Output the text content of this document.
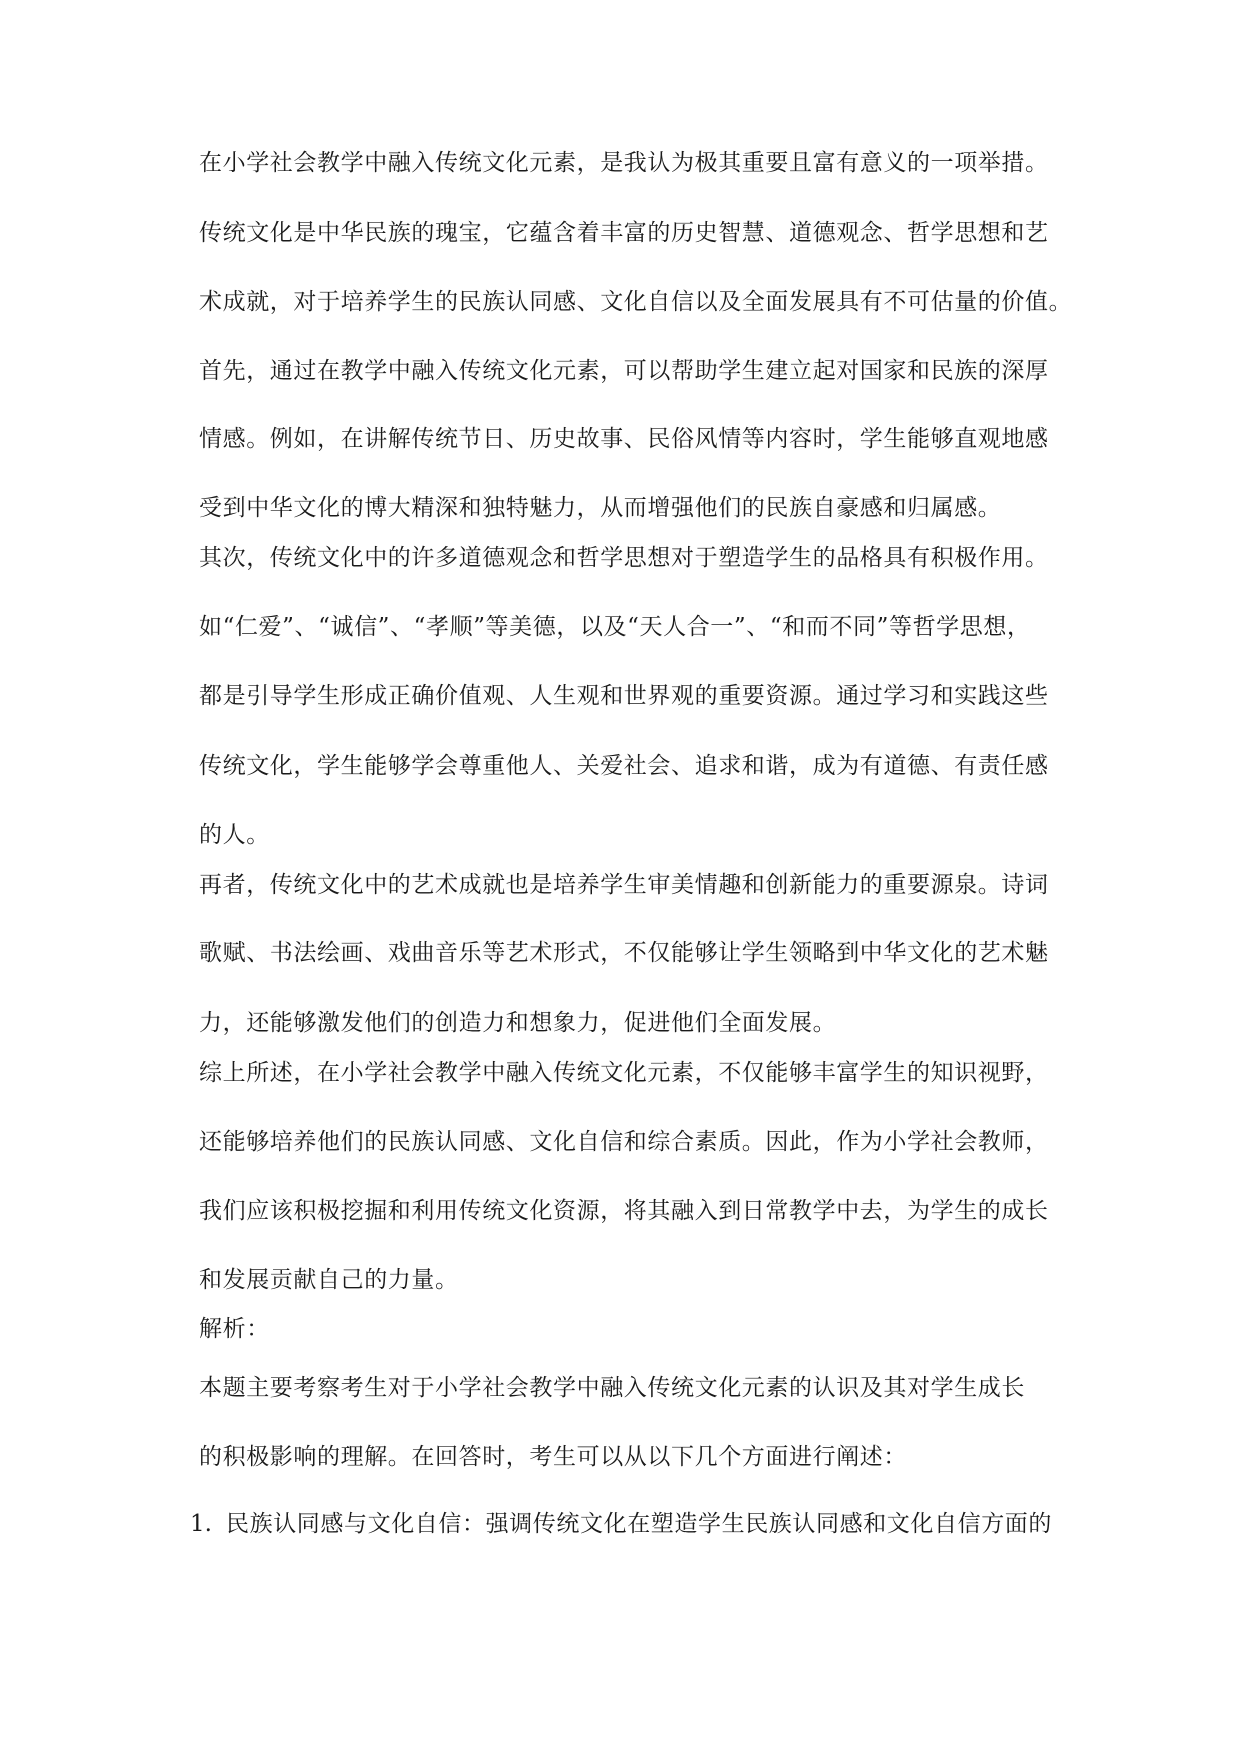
在小学社会教学中融入传统文化元素，是我认为极其重要且富有意义的一项举措。
传统文化是中华民族的瑰宝，它蕴含着丰富的历史智慧、道德观念、哲学思想和艺
术成就，对于培养学生的民族认同感、文化自信以及全面发展具有不可估量的价值。
首先，通过在教学中融入传统文化元素，可以帮助学生建立起对国家和民族的深厚
情感。例如，在讲解传统节日、历史故事、民俗风情等内容时，学生能够直观地感
受到中华文化的博大精深和独特魅力，从而增强他们的民族自豪感和归属感。
其次，传统文化中的许多道德观念和哲学思想对于塑造学生的品格具有积极作用。
如“仁爱”、“诚信”、“孝顺”等美德，以及“天人合一”、“和而不同”等哲学思想，
都是引导学生形成正确价值观、人生观和世界观的重要资源。通过学习和实践这些
传统文化，学生能够学会尊重他人、关爱社会、追求和谐，成为有道德、有责任感
的人。
再者，传统文化中的艺术成就也是培养学生审美情趣和创新能力的重要源泉。诗词
歌赋、书法绘画、戏曲音乐等艺术形式，不仅能够让学生领略到中华文化的艺术魅
力，还能够激发他们的创造力和想象力，促进他们全面发展。
综上所述，在小学社会教学中融入传统文化元素，不仅能够丰富学生的知识视野，
还能够培养他们的民族认同感、文化自信和综合素质。因此，作为小学社会教师，
我们应该积极挖掘和利用传统文化资源，将其融入到日常教学中去，为学生的成长
和发展贡献自己的力量。
解析：
本题主要考察考生对于小学社会教学中融入传统文化元素的认识及其对学生成长
的积极影响的理解。在回答时，考生可以从以下几个方面进行阐述：
1. 民族认同感与文化自信：强调传统文化在塑造学生民族认同感和文化自信方面的
